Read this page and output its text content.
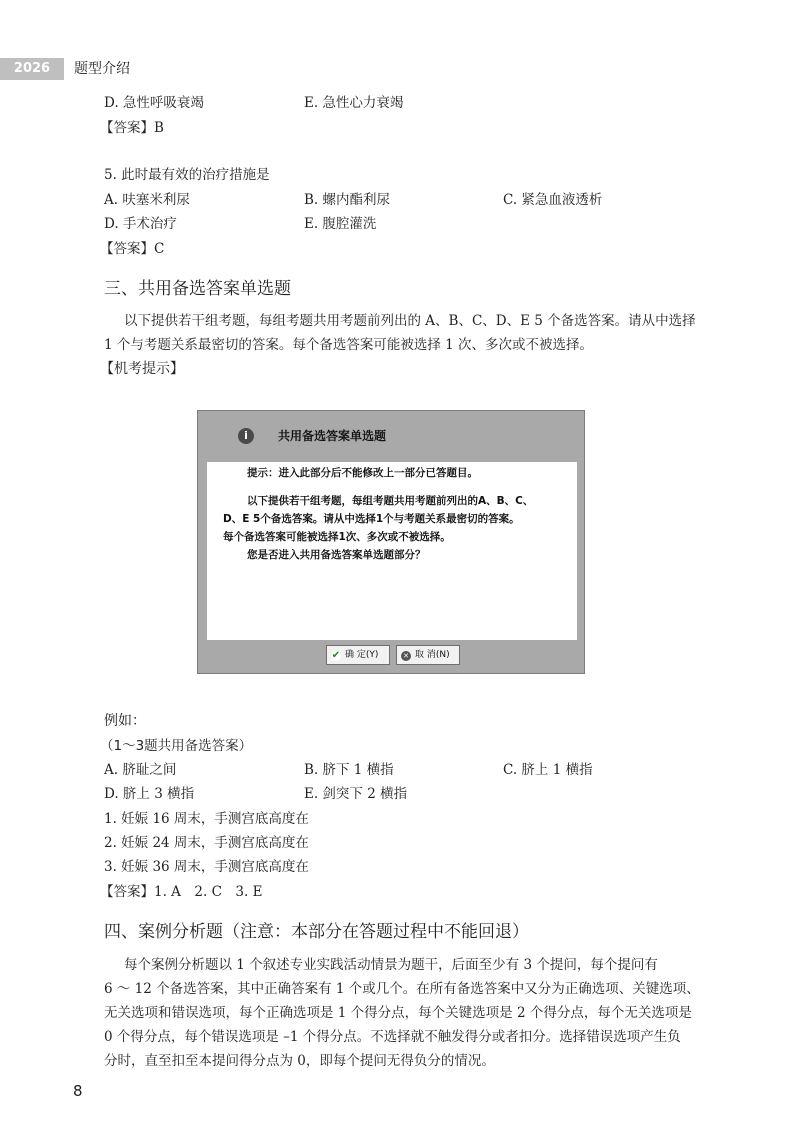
2026	题型介绍
D. 急性呼吸衰竭	E. 急性心力衰竭
【答案】B
5. 此时最有效的治疗措施是
A. 呋塞米利尿	B. 螺内酯利尿	C. 紧急血液透析
D. 手术治疗	E. 腹腔灌洗
【答案】C
三、共用备选答案单选题
以下提供若干组考题，每组考题共用考题前列出的 A、B、C、D、E 5 个备选答案。请从中选择
1 个与考题关系最密切的答案。每个备选答案可能被选择 1 次、多次或不被选择。
【机考提示】
i	共用备选答案单选题
提示：进入此部分后不能修改上一部分已答题目。
以下提供若干组考题，每组考题共用考题前列出的A、B、C、
D、E 5个备选答案。请从中选择1个与考题关系最密切的答案。
每个备选答案可能被选择1次、多次或不被选择。
您是否进入共用备选答案单选题部分？
✔ 确 定(Y)	✕ 取 消(N)
例如：
（1～3题共用备选答案）
A. 脐耻之间	B. 脐下 1 横指	C. 脐上 1 横指
D. 脐上 3 横指	E. 剑突下 2 横指
1. 妊娠 16 周末，手测宫底高度在
2. 妊娠 24 周末，手测宫底高度在
3. 妊娠 36 周末，手测宫底高度在
【答案】1. A　2. C　3. E
四、案例分析题（注意：本部分在答题过程中不能回退）
每个案例分析题以 1 个叙述专业实践活动情景为题干，后面至少有 3 个提问，每个提问有
6 ～ 12 个备选答案，其中正确答案有 1 个或几个。在所有备选答案中又分为正确选项、关键选项、
无关选项和错误选项，每个正确选项是 1 个得分点，每个关键选项是 2 个得分点，每个无关选项是
0 个得分点，每个错误选项是 –1 个得分点。不选择就不触发得分或者扣分。选择错误选项产生负
分时，直至扣至本提问得分点为 0，即每个提问无得负分的情况。
8
